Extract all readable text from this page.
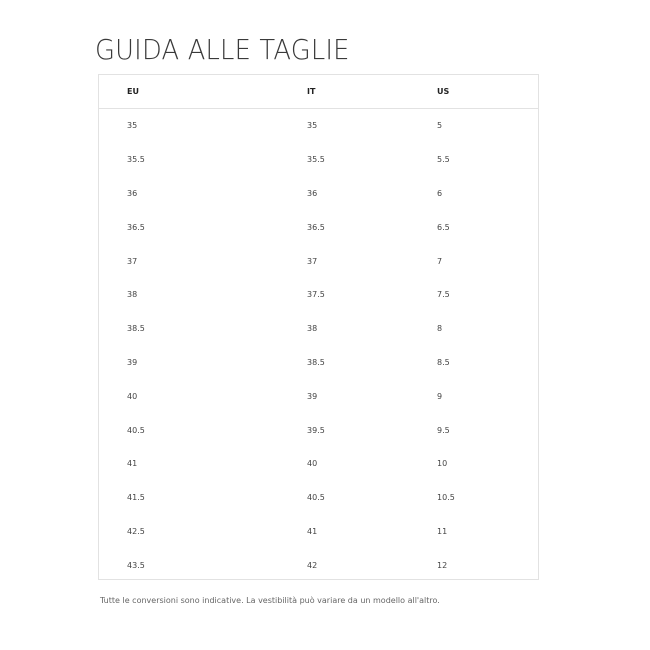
GUIDA ALLE TAGLIE
EU	IT	US
35	35	5
35.5	35.5	5.5
36	36	6
36.5	36.5	6.5
37	37	7
38	37.5	7.5
38.5	38	8
39	38.5	8.5
40	39	9
40.5	39.5	9.5
41	40	10
41.5	40.5	10.5
42.5	41	11
43.5	42	12

Tutte le conversioni sono indicative. La vestibilità può variare da un modello all'altro.
